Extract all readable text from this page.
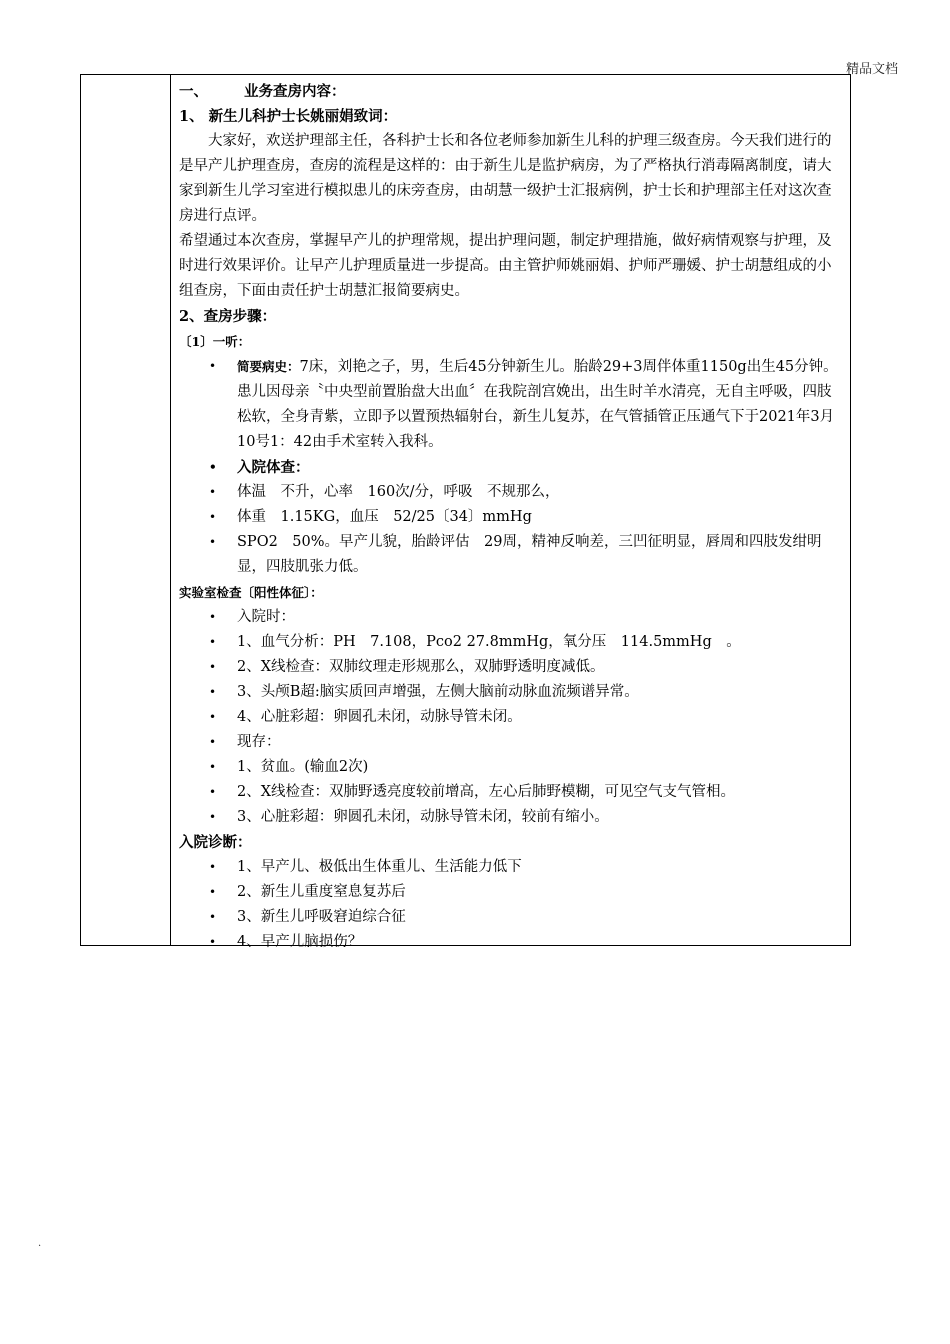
精品文档

一、 业务查房内容：

1、 新生儿科护士长姚丽娟致词：

大家好，欢送护理部主任，各科护士长和各位老师参加新生儿科的护理三级查房。今天我们进行的是早产儿护理查房，查房的流程是这样的：由于新生儿是监护病房，为了严格执行消毒隔离制度，请大家到新生儿学习室进行模拟患儿的床旁查房，由胡慧一级护士汇报病例，护士长和护理部主任对这次查房进行点评。

希望通过本次查房，掌握早产儿的护理常规，提出护理问题，制定护理措施，做好病情观察与护理，及时进行效果评价。让早产儿护理质量进一步提高。由主管护师姚丽娟、护师严珊媛、护士胡慧组成的小组查房，下面由责任护士胡慧汇报简要病史。

2、查房步骤：

〔1〕一听：

• 简要病史：7床，刘艳之子，男，生后45分钟新生儿。胎龄29+3周伴体重1150g出生45分钟。患儿因母亲〝中央型前置胎盘大出血〞在我院剖宫娩出，出生时羊水清亮，无自主呼吸，四肢松软，全身青紫，立即予以置预热辐射台，新生儿复苏，在气管插管正压通气下于2021年3月10号1：42由手术室转入我科。
• 入院体查：
• 体温　不升，心率　160次/分，呼吸　不规那么，
• 体重　1.15KG，血压　52/25〔34〕mmHg
• SPO2　50%。早产儿貌，胎龄评估　29周，精神反响差，三凹征明显，唇周和四肢发绀明显，四肢肌张力低。

实验室检查〔阳性体征〕：

• 入院时：
• 1、血气分析：PH　7.108，Pco2 27.8mmHg，氧分压　114.5mmHg　。
• 2、X线检查：双肺纹理走形规那么，双肺野透明度减低。
• 3、头颅B超:脑实质回声增强，左侧大脑前动脉血流频谱异常。
• 4、心脏彩超：卵圆孔未闭，动脉导管未闭。
• 现存：
• 1、贫血。(输血2次)
• 2、X线检查：双肺野透亮度较前增高，左心后肺野模糊，可见空气支气管相。
• 3、心脏彩超：卵圆孔未闭，动脉导管未闭，较前有缩小。

入院诊断：

• 1、早产儿、极低出生体重儿、生活能力低下
• 2、新生儿重度窒息复苏后
• 3、新生儿呼吸窘迫综合征
• 4、早产儿脑损伤？
.
